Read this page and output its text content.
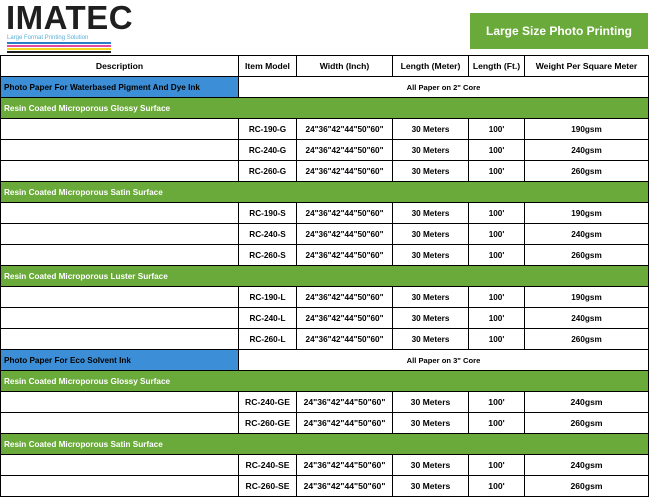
IMATEC
Large Format Printing Solution	Large Size Photo Printing
Description	Item Model	Width (Inch)	Length (Meter)	Length (Ft.)	Weight Per Square Meter
Photo Paper For Waterbased Pigment And Dye Ink	All Paper on 2" Core				
Resin Coated Microporous Glossy Surface					
	RC-190-G	24"36"42"44"50"60"	30 Meters	100'	190gsm
	RC-240-G	24"36"42"44"50"60"	30 Meters	100'	240gsm
	RC-260-G	24"36"42"44"50"60"	30 Meters	100'	260gsm
Resin Coated Microporous Satin Surface					
	RC-190-S	24"36"42"44"50"60"	30 Meters	100'	190gsm
	RC-240-S	24"36"42"44"50"60"	30 Meters	100'	240gsm
	RC-260-S	24"36"42"44"50"60"	30 Meters	100'	260gsm
Resin Coated Microporous Luster Surface					
	RC-190-L	24"36"42"44"50"60"	30 Meters	100'	190gsm
	RC-240-L	24"36"42"44"50"60"	30 Meters	100'	240gsm
	RC-260-L	24"36"42"44"50"60"	30 Meters	100'	260gsm
Photo Paper For Eco Solvent Ink	All Paper on 3" Core				
Resin Coated Microporous Glossy Surface					
	RC-240-GE	24"36"42"44"50"60"	30 Meters	100'	240gsm
	RC-260-GE	24"36"42"44"50"60"	30 Meters	100'	260gsm
Resin Coated Microporous Satin Surface					
	RC-240-SE	24"36"42"44"50"60"	30 Meters	100'	240gsm
	RC-260-SE	24"36"42"44"50"60"	30 Meters	100'	260gsm
